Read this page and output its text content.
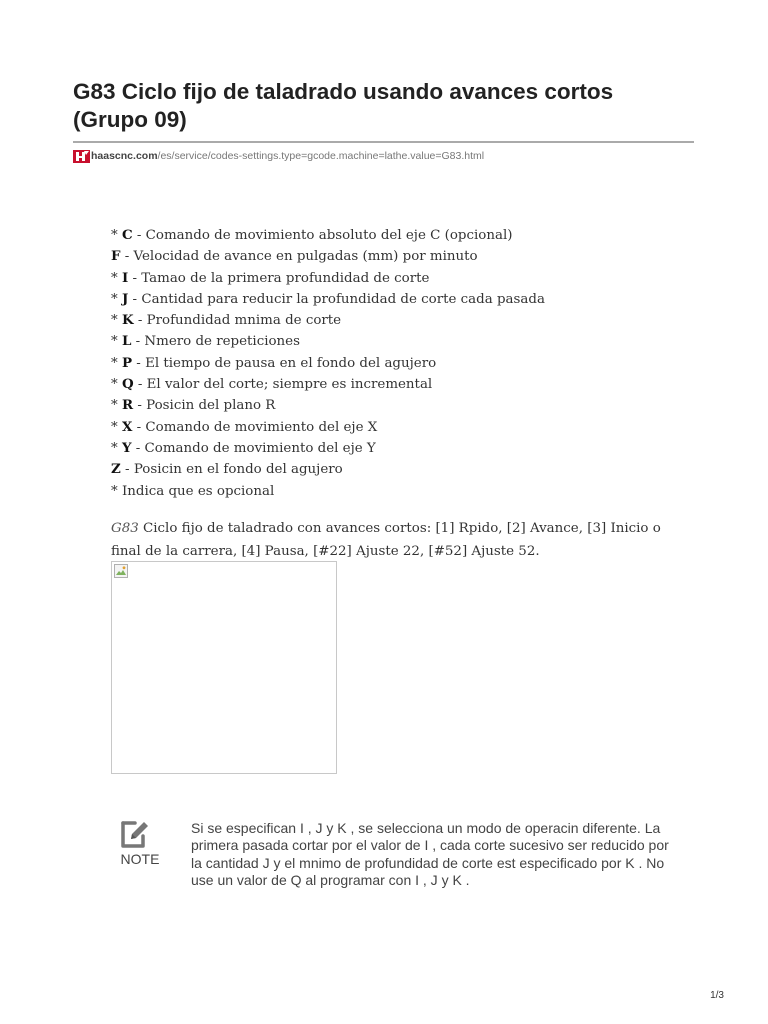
G83 Ciclo fijo de taladrado usando avances cortos (Grupo 09)
haascnc.com /es/service/codes-settings.type=gcode.machine=lathe.value=G83.html
* C - Comando de movimiento absoluto del eje C (opcional)
F - Velocidad de avance en pulgadas (mm) por minuto
* I - Tamao de la primera profundidad de corte
* J - Cantidad para reducir la profundidad de corte cada pasada
* K - Profundidad mnima de corte
* L - Nmero de repeticiones
* P - El tiempo de pausa en el fondo del agujero
* Q - El valor del corte; siempre es incremental
* R - Posicin del plano R
* X - Comando de movimiento del eje X
* Y - Comando de movimiento del eje Y
Z - Posicin en el fondo del agujero
* Indica que es opcional
G83 Ciclo fijo de taladrado con avances cortos: [1] Rpido, [2] Avance, [3] Inicio o final de la carrera, [4] Pausa, [#22] Ajuste 22, [#52] Ajuste 52.
NOTE
Si se especifican I , J y K , se selecciona un modo de operacin diferente. La primera pasada cortar por el valor de I , cada corte sucesivo ser reducido por la cantidad J y el mnimo de profundidad de corte est especificado por K . No use un valor de Q al programar con I , J y K .
1/3
